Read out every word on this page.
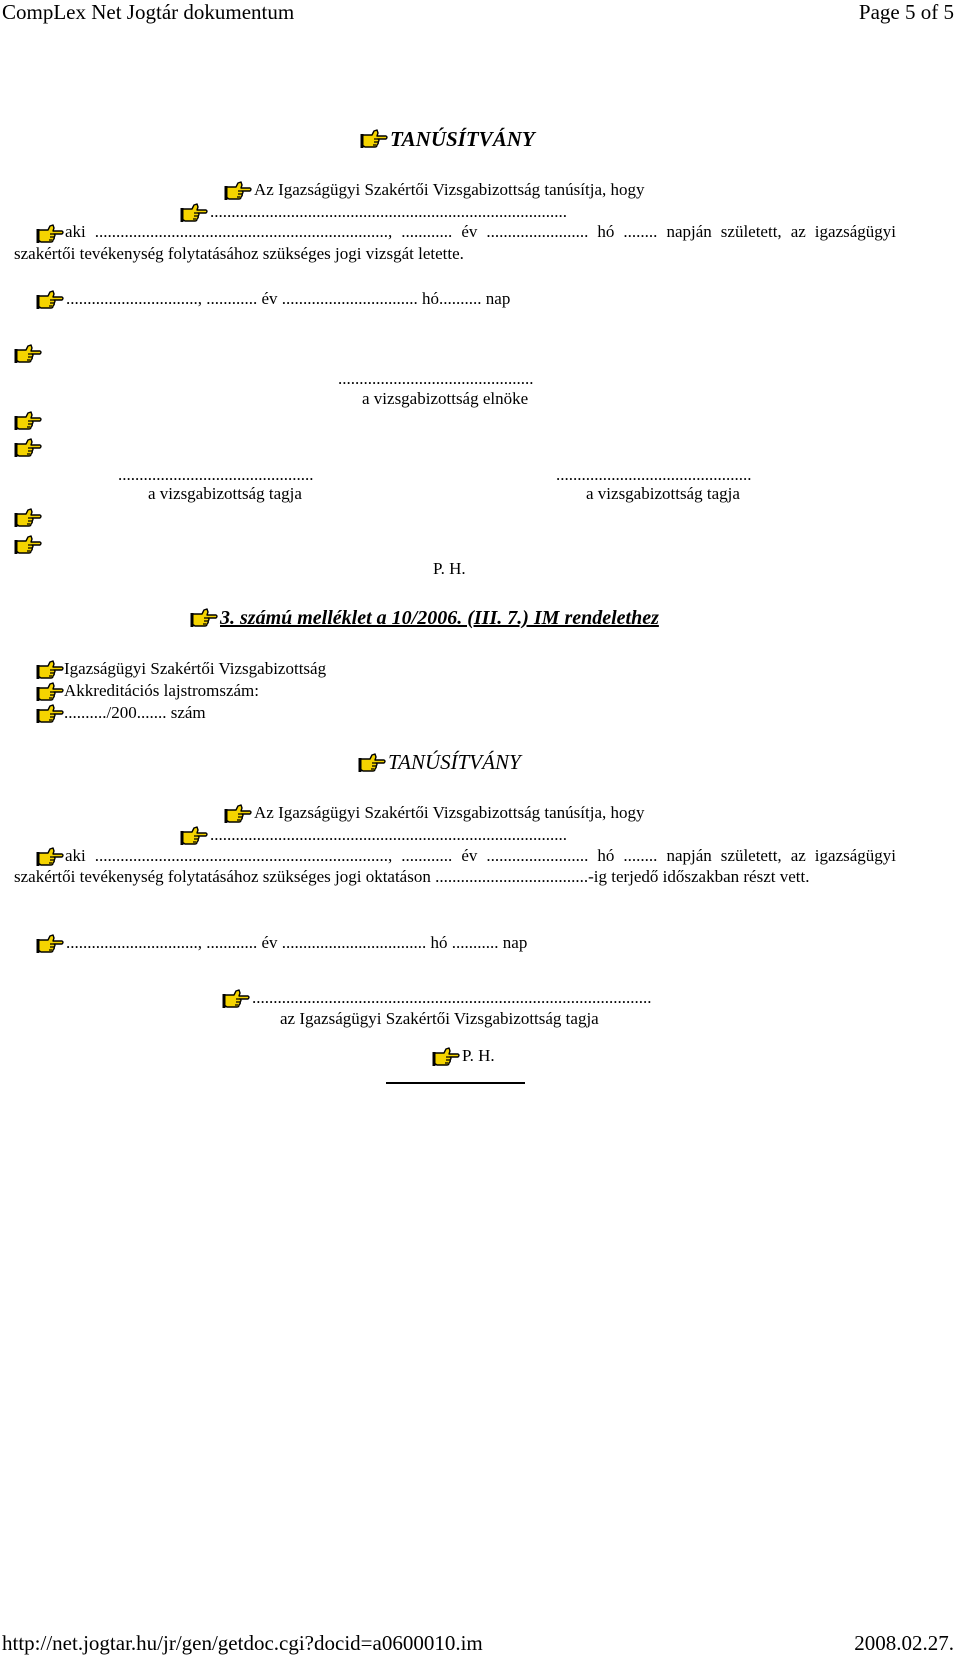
CompLex Net Jogtár dokumentum	Page 5 of 5
TANÚSÍTVÁNY
Az Igazságügyi Szakértői Vizsgabizottság tanúsítja, hogy
....................................................................................
aki ....................................................................., ............ év ........................ hó ........ napján született, az igazságügyi szakértői tevékenység folytatásához szükséges jogi vizsgát letette.
..............................., ............ év ................................ hó.......... nap
..............................................
a vizsgabizottság elnöke
..............................................
a vizsgabizottság tagja
..............................................
a vizsgabizottság tagja
P. H.
3. számú melléklet a 10/2006. (III. 7.) IM rendelethez
Igazságügyi Szakértői Vizsgabizottság
Akkreditációs lajstromszám:
........../200....... szám
TANÚSÍTVÁNY
Az Igazságügyi Szakértői Vizsgabizottság tanúsítja, hogy
....................................................................................
aki ....................................................................., ............ év ........................ hó ........ napján született, az igazságügyi szakértői tevékenység folytatásához szükséges jogi oktatáson ....................................-ig terjedő időszakban részt vett.
..............................., ............ év .................................. hó ........... nap
..............................................................................................
az Igazságügyi Szakértői Vizsgabizottság tagja
P. H.
http://net.jogtar.hu/jr/gen/getdoc.cgi?docid=a0600010.im	2008.02.27.
